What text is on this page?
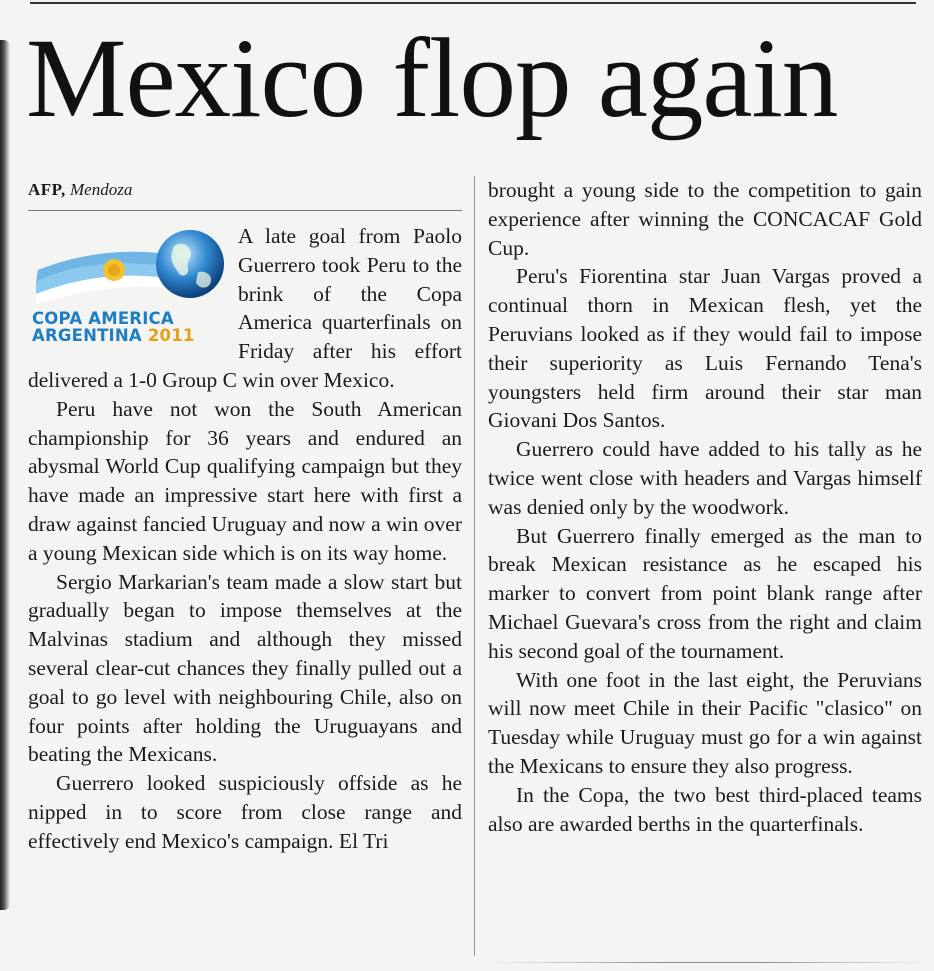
Mexico flop again
AFP, Mendoza
COPA AMERICA
ARGENTINA 2011

A late goal from Paolo Guerrero took Peru to the brink of the Copa America quarterfinals on Friday after his effort delivered a 1-0 Group C win over Mexico.

Peru have not won the South American championship for 36 years and endured an abysmal World Cup qualifying campaign but they have made an impressive start here with first a draw against fancied Uruguay and now a win over a young Mexican side which is on its way home.

Sergio Markarian's team made a slow start but gradually began to impose themselves at the Malvinas stadium and although they missed several clear-cut chances they finally pulled out a goal to go level with neighbouring Chile, also on four points after holding the Uruguayans and beating the Mexicans.

Guerrero looked suspiciously offside as he nipped in to score from close range and effectively end Mexico's campaign. El Tri

brought a young side to the competition to gain experience after winning the CONCACAF Gold Cup.

Peru's Fiorentina star Juan Vargas proved a continual thorn in Mexican flesh, yet the Peruvians looked as if they would fail to impose their superiority as Luis Fernando Tena's youngsters held firm around their star man Giovani Dos Santos.

Guerrero could have added to his tally as he twice went close with headers and Vargas himself was denied only by the woodwork.

But Guerrero finally emerged as the man to break Mexican resistance as he escaped his marker to convert from point blank range after Michael Guevara's cross from the right and claim his second goal of the tournament.

With one foot in the last eight, the Peruvians will now meet Chile in their Pacific "clasico" on Tuesday while Uruguay must go for a win against the Mexicans to ensure they also progress.

In the Copa, the two best third-placed teams also are awarded berths in the quarterfinals.
